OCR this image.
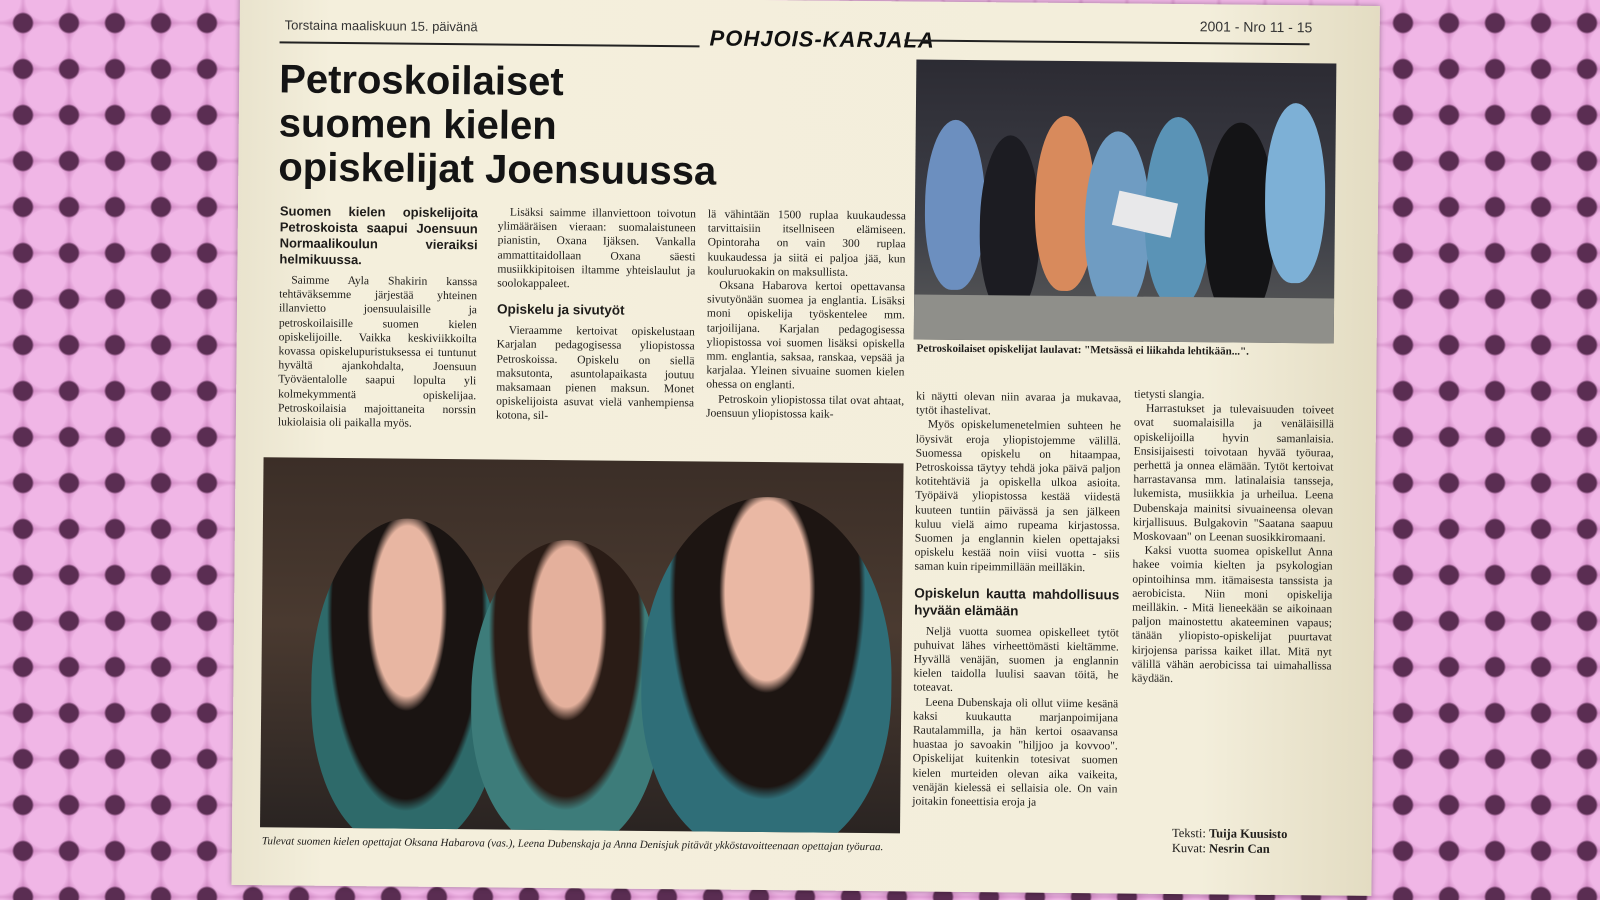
Torstaina maaliskuun 15. päivänä	POHJOIS-KARJALA	2001 - Nro 11 - 15
Petroskoilaiset
suomen kielen
opiskelijat Joensuussa
Petroskoilaiset opiskelijat laulavat: "Metsässä ei liikahda lehtikään...".
Suomen kielen opiskelijoita Petroskoista saapui Joensuun Normaalikoulun vieraiksi helmikuussa.

Saimme Ayla Shakirin kanssa tehtäväksemme järjestää yhteinen illanvietto joensuulaisille ja petroskoilaisille suomen kielen opiskelijoille. Vaikka keskiviikkoilta kovassa opiskelupuristuksessa ei tuntunut hyvältä ajankohdalta, Joensuun Työväentalolle saapui lopulta yli kolmekymmentä opiskelijaa. Petroskoilaisia majoittaneita norssin lukiolaisia oli paikalla myös.

Lisäksi saimme illanviettoon toivotun ylimääräisen vieraan: suomalaistuneen pianistin, Oxana Ijäksen. Vankalla ammattitaidollaan Oxana säesti musiikkipitoisen iltamme yhteislaulut ja soolokappaleet.

Opiskelu ja sivutyöt

Vieraamme kertoivat opiskelustaan Karjalan pedagogisessa yliopistossa Petroskoissa. Opiskelu on siellä maksutonta, asuntolapaikasta joutuu maksamaan pienen maksun. Monet opiskelijoista asuvat vielä vanhempiensa kotona, sil-

lä vähintään 1500 ruplaa kuukaudessa tarvittaisiin itsellniseen elämiseen. Opintoraha on vain 300 ruplaa kuukaudessa ja siitä ei paljoa jää, kun kouluruokakin on maksullista.

Oksana Habarova kertoi opettavansa sivutyönään suomea ja englantia. Lisäksi moni opiskelija työskentelee mm. tarjoilijana. Karjalan pedagogisessa yliopistossa voi suomen lisäksi opiskella mm. englantia, saksaa, ranskaa, vepsää ja karjalaa. Yleinen sivuaine suomen kielen ohessa on englanti.

Petroskoin yliopistossa tilat ovat ahtaat, Joensuun yliopistossa kaik-

Tulevat suomen kielen opettajat Oksana Habarova (vas.), Leena Dubenskaja ja Anna Denisjuk pitävät ykköstavoitteenaan opettajan työuraa.

ki näytti olevan niin avaraa ja mukavaa, tytöt ihastelivat.

Myös opiskelumenetelmien suhteen he löysivät eroja yliopistojemme välillä. Suomessa opiskelu on hitaampaa, Petroskoissa täytyy tehdä joka päivä paljon kotitehtäviä ja opiskella ulkoa asioita. Työpäivä yliopistossa kestää viidestä kuuteen tuntiin päivässä ja sen jälkeen kuluu vielä aimo rupeama kirjastossa. Suomen ja englannin kielen opettajaksi opiskelu kestää noin viisi vuotta - siis saman kuin ripeimmillään meilläkin.

Opiskelun kautta mahdollisuus hyvään elämään

Neljä vuotta suomea opiskelleet tytöt puhuivat lähes virheettömästi kieltämme. Hyvällä venäjän, suomen ja englannin kielen taidolla luulisi saavan töitä, he toteavat.

Leena Dubenskaja oli ollut viime kesänä kaksi kuukautta marjanpoimijana Rautalammilla, ja hän kertoi osaavansa huastaa jo savoakin "hiljjoo ja kovvoo". Opiskelijat kuitenkin totesivat suomen kielen murteiden olevan aika vaikeita, venäjän kielessä ei sellaisia ole. On vain joitakin foneettisia eroja ja

tietysti slangia.

Harrastukset ja tulevaisuuden toiveet ovat suomalaisilla ja venäläisillä opiskelijoilla hyvin samanlaisia. Ensisijaisesti toivotaan hyvää työuraa, perhettä ja onnea elämään. Tytöt kertoivat harrastavansa mm. latinalaisia tansseja, lukemista, musiikkia ja urheilua. Leena Dubenskaja mainitsi sivuaineensa olevan kirjallisuus. Bulgakovin "Saatana saapuu Moskovaan" on Leenan suosikkiromaani.

Kaksi vuotta suomea opiskellut Anna hakee voimia kielten ja psykologian opintoihinsa mm. itämaisesta tanssista ja aerobicista. Niin moni opiskelija meilläkin. - Mitä lieneekään se aikoinaan paljon mainostettu akateeminen vapaus; tänään yliopisto-opiskelijat puurtavat kirjojensa parissa kaiket illat. Mitä nyt välillä vähän aerobicissa tai uimahallissa käydään.

Teksti: Tuija Kuusisto
Kuvat: Nesrin Can
